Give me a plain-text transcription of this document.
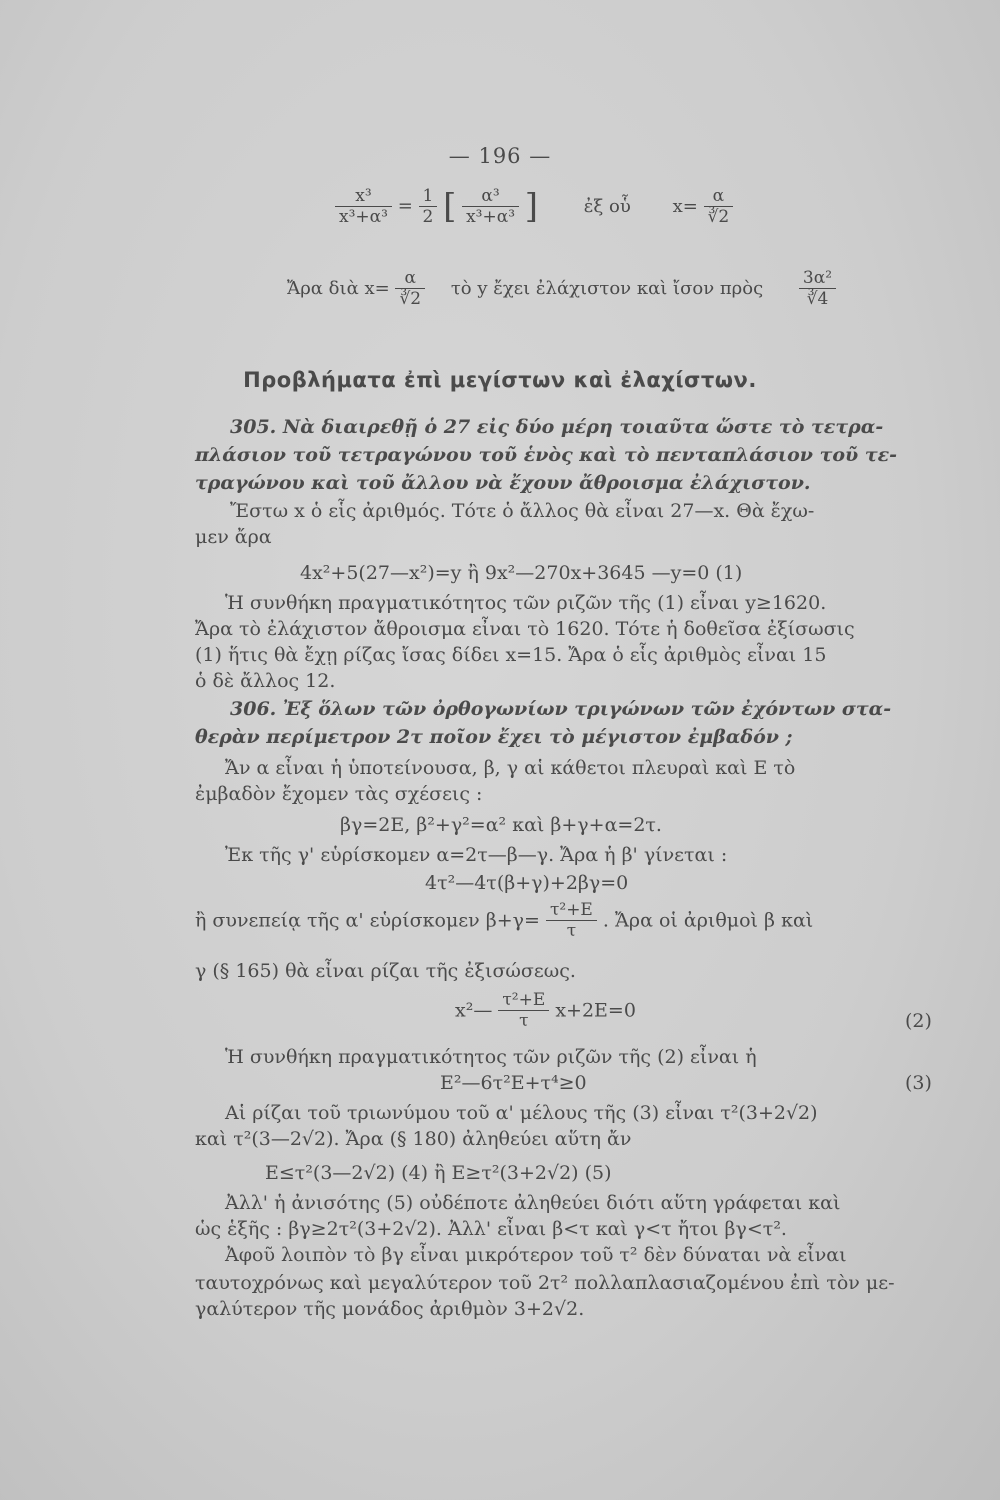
— 196 —
$\frac{\text{x³}}{\text{x³+α³}} = \frac{1}{2}$ [ $\frac{\text{α³}}{\text{x³+α³}}$ ]	ἐξ οὗ $x= \frac{\alpha}{∛2}$
Ἄρα διὰ $x= \frac{\alpha}{∛2}$ τὸ y ἔχει ἐλάχιστον καὶ ἴσον πρὸς $\frac{\text{3α²}}{∛4}$
Προβλήματα ἐπὶ μεγίστων καὶ ἐλαχίστων.
305. Νὰ διαιρεθῇ ὁ 27 εἰς δύο μέρη τοιαῦτα ὥστε τὸ τετρα-
πλάσιον τοῦ τετραγώνου τοῦ ἑνὸς καὶ τὸ πενταπλάσιον τοῦ τε-
τραγώνου καὶ τοῦ ἄλλου νὰ ἔχουν ἄθροισμα ἐλάχιστον.
Ἔστω x ὁ εἷς ἀριθμός. Τότε ὁ ἄλλος θὰ εἶναι 27—x. Θὰ ἔχω-
μεν ἄρα
4x²+5(27—x²)=y ἢ 9x²—270x+3645 —y=0 (1)
Ἡ συνθήκη πραγματικότητος τῶν ριζῶν τῆς (1) εἶναι y≥1620.
Ἄρα τὸ ἐλάχιστον ἄθροισμα εἶναι τὸ 1620. Τότε ἡ δοθεῖσα ἐξίσωσις
(1) ἥτις θὰ ἔχῃ ρίζας ἴσας δίδει x=15. Ἄρα ὁ εἷς ἀριθμὸς εἶναι 15
ὁ δὲ ἄλλος 12.
306. Ἐξ ὅλων τῶν ὀρθογωνίων τριγώνων τῶν ἐχόντων στα-
θερὰν περίμετρον 2τ ποῖον ἔχει τὸ μέγιστον ἐμβαδόν ;
Ἄν α εἶναι ἡ ὑποτείνουσα, β, γ αἱ κάθετοι πλευραὶ καὶ Ε τὸ
ἐμβαδὸν ἔχομεν τὰς σχέσεις :
βγ=2Ε, β²+γ²=α² καὶ β+γ+α=2τ.
Ἐκ τῆς γ' εὑρίσκομεν α=2τ—β—γ. Ἄρα ἡ β' γίνεται :
4τ²—4τ(β+γ)+2βγ=0
ἢ συνεπείᾳ τῆς α' εὑρίσκομεν $\beta+\gamma= \frac{\text{τ²+Ε}}{\tau}$ . Ἄρα οἱ ἀριθμοὶ β καὶ
γ (§ 165) θὰ εἶναι ρίζαι τῆς ἐξισώσεως.
x²— $\frac{\text{τ²+Ε}}{\tau} x+2E=0$	(2)
Ἡ συνθήκη πραγματικότητος τῶν ριζῶν τῆς (2) εἶναι ἡ
Ε²—6τ²Ε+τ⁴≥0	(3)
Αἱ ρίζαι τοῦ τριωνύμου τοῦ α' μέλους τῆς (3) εἶναι τ²(3+2√2)
καὶ τ²(3—2√2). Ἄρα (§ 180) ἀληθεύει αὕτη ἄν
Ε≤τ²(3—2√2) (4) ἢ Ε≥τ²(3+2√2) (5)
Ἀλλ' ἡ ἀνισότης (5) οὐδέποτε ἀληθεύει διότι αὕτη γράφεται καὶ
ὡς ἑξῆς : βγ≥2τ²(3+2√2). Ἀλλ' εἶναι β<τ καὶ γ<τ ἤτοι βγ<τ².
Ἀφοῦ λοιπὸν τὸ βγ εἶναι μικρότερον τοῦ τ² δὲν δύναται νὰ εἶναι
ταυτοχρόνως καὶ μεγαλύτερον τοῦ 2τ² πολλαπλασιαζομένου ἐπὶ τὸν με-
γαλύτερον τῆς μονάδος ἀριθμὸν 3+2√2.
